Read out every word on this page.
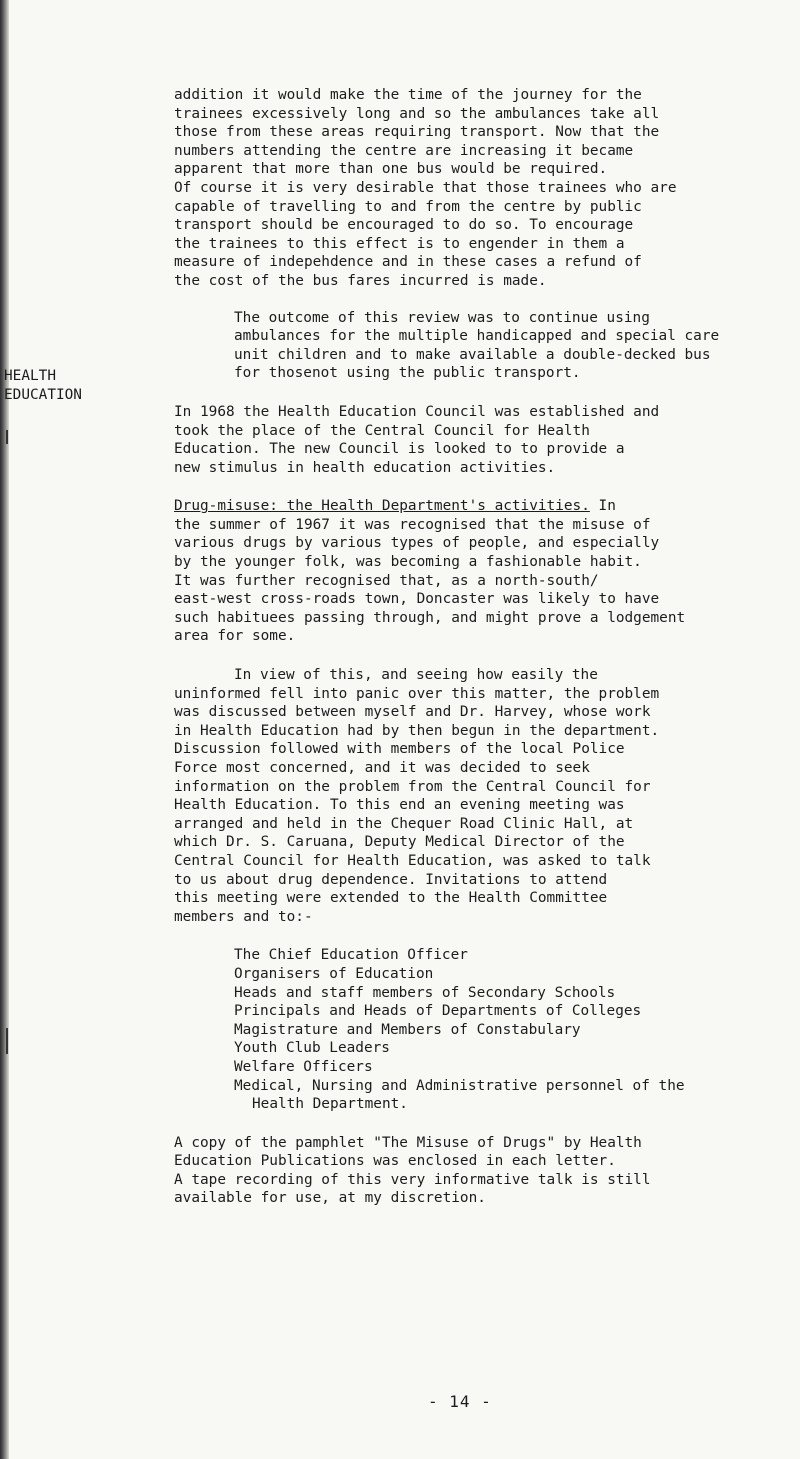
HEALTH
EDUCATION

addition it would make the time of the journey for the
trainees excessively long and so the ambulances take all
those from these areas requiring transport. Now that the
numbers attending the centre are increasing it became
apparent that more than one bus would be required.
Of course it is very desirable that those trainees who are
capable of travelling to and from the centre by public
transport should be encouraged to do so. To encourage
the trainees to this effect is to engender in them a
measure of indepehdence and in these cases a refund of
the cost of the bus fares incurred is made.

The outcome of this review was to continue using
ambulances for the multiple handicapped and special care
unit children and to make available a double-decked bus
for thosenot using the public transport.

In 1968 the Health Education Council was established and
took the place of the Central Council for Health
Education. The new Council is looked to to provide a
new stimulus in health education activities.

Drug-misuse: the Health Department's activities. In
the summer of 1967 it was recognised that the misuse of
various drugs by various types of people, and especially
by the younger folk, was becoming a fashionable habit.
It was further recognised that, as a north-south/
east-west cross-roads town, Doncaster was likely to have
such habituees passing through, and might prove a lodgement
area for some.

In view of this, and seeing how easily the
uninformed fell into panic over this matter, the problem
was discussed between myself and Dr. Harvey, whose work
in Health Education had by then begun in the department.
Discussion followed with members of the local Police
Force most concerned, and it was decided to seek
information on the problem from the Central Council for
Health Education. To this end an evening meeting was
arranged and held in the Chequer Road Clinic Hall, at
which Dr. S. Caruana, Deputy Medical Director of the
Central Council for Health Education, was asked to talk
to us about drug dependence. Invitations to attend
this meeting were extended to the Health Committee
members and to:-

The Chief Education Officer
Organisers of Education
Heads and staff members of Secondary Schools
Principals and Heads of Departments of Colleges
Magistrature and Members of Constabulary
Youth Club Leaders
Welfare Officers
Medical, Nursing and Administrative personnel of the Health Department.

A copy of the pamphlet "The Misuse of Drugs" by Health
Education Publications was enclosed in each letter.
A tape recording of this very informative talk is still
available for use, at my discretion.

- 14 -
